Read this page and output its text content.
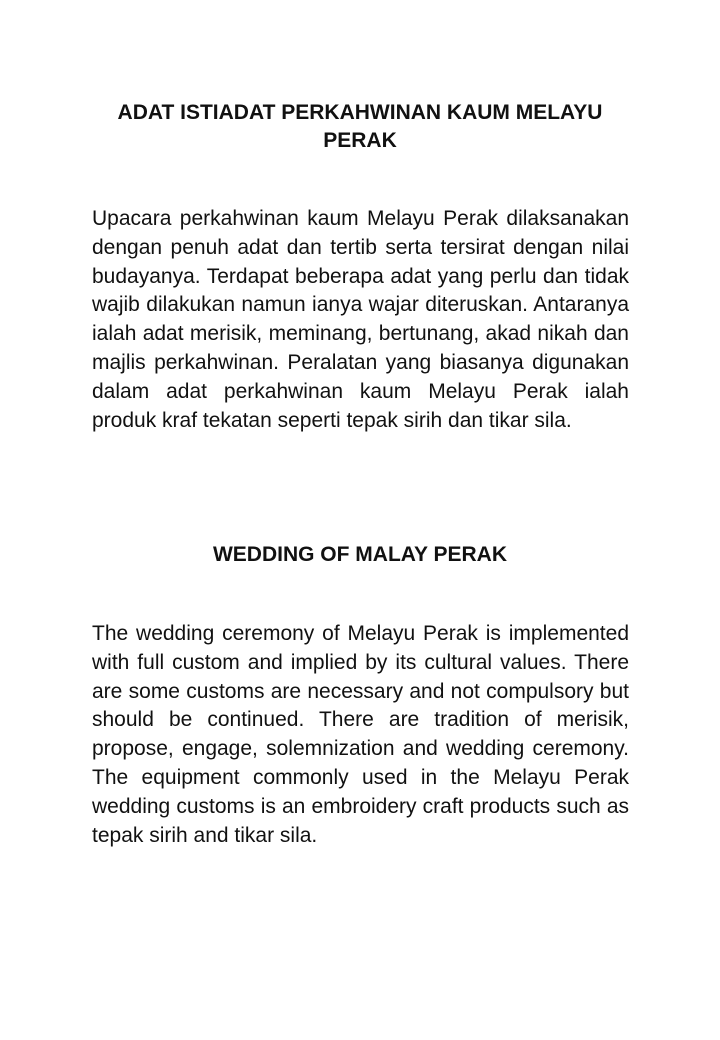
ADAT ISTIADAT PERKAHWINAN KAUM MELAYU PERAK

Upacara perkahwinan kaum Melayu Perak dilaksanakan dengan penuh adat dan tertib serta tersirat dengan nilai budayanya. Terdapat beberapa adat yang perlu dan tidak wajib dilakukan namun ianya wajar diteruskan. Antaranya ialah adat merisik, meminang, bertunang, akad nikah dan majlis perkahwinan. Peralatan yang biasanya digunakan dalam adat perkahwinan kaum Melayu Perak ialah produk kraf tekatan seperti tepak sirih dan tikar sila.

WEDDING OF MALAY PERAK

The wedding ceremony of Melayu Perak is implemented with full custom and implied by its cultural values. There are some customs are necessary and not compulsory but should be continued. There are tradition of merisik, propose, engage, solemnization and wedding ceremony. The equipment commonly used in the Melayu Perak wedding customs is an embroidery craft products such as tepak sirih and tikar sila.
